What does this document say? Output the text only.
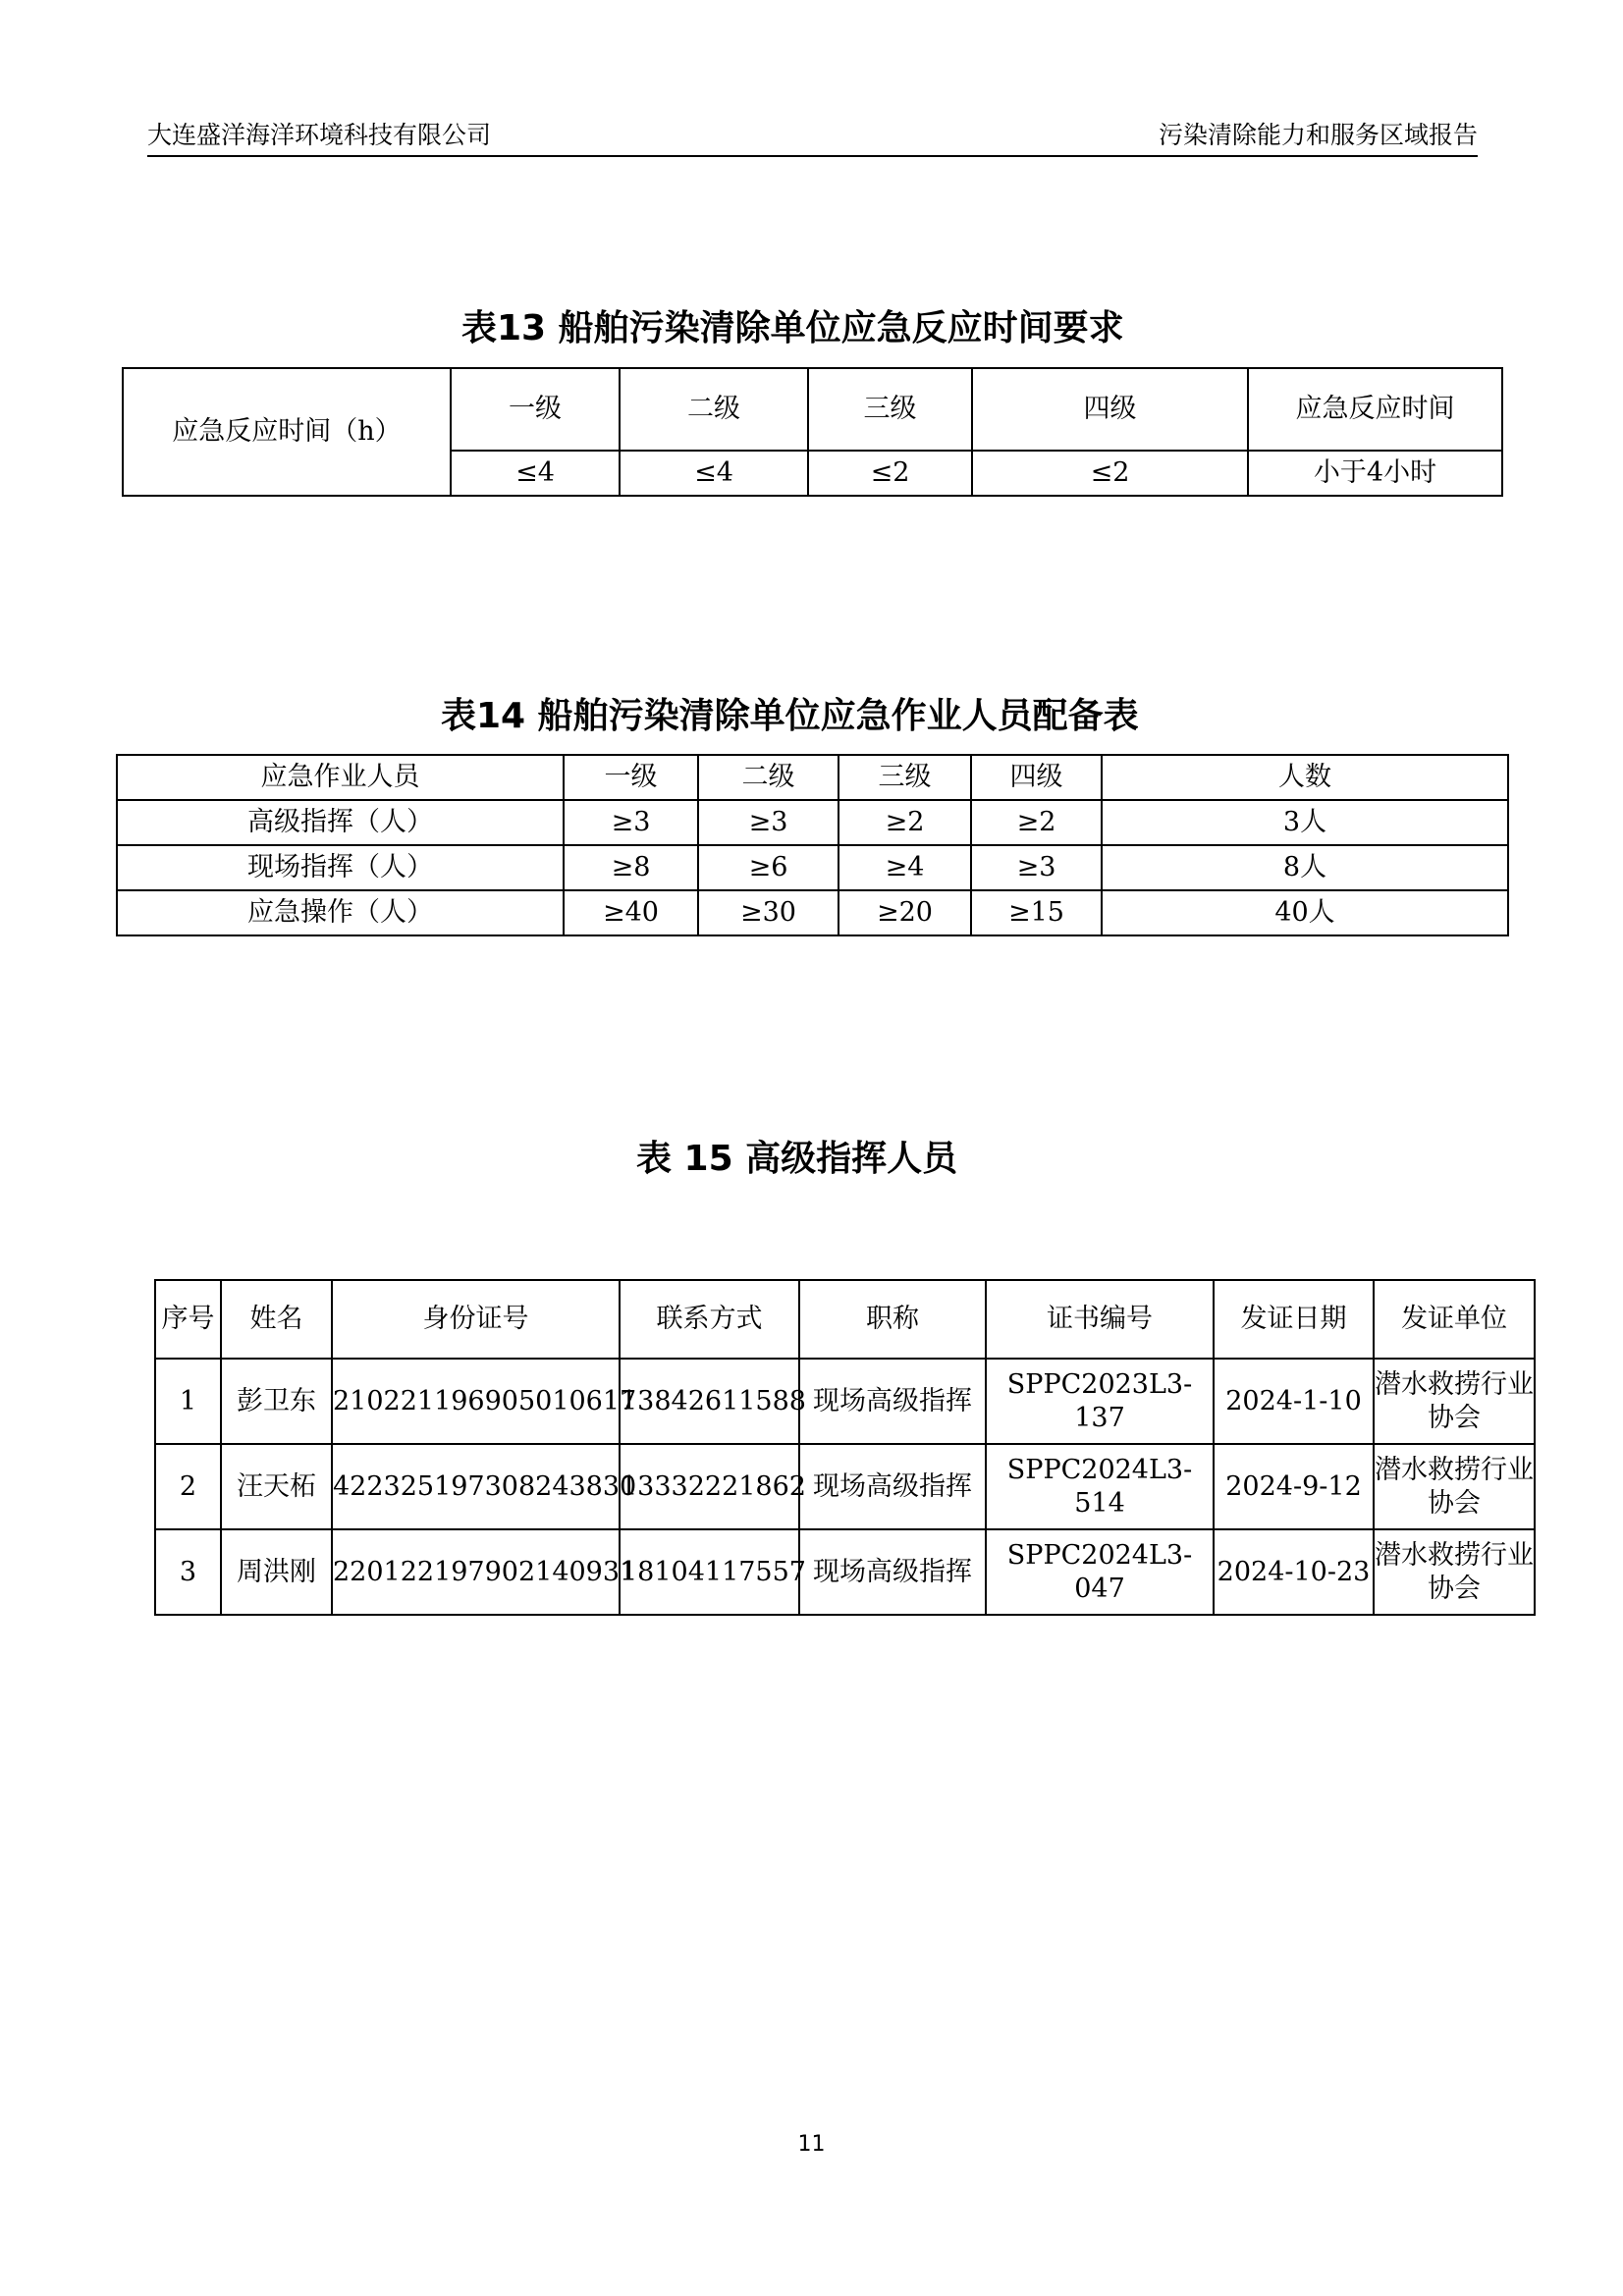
大连盛洋海洋环境科技有限公司	污染清除能力和服务区域报告
表13 船舶污染清除单位应急反应时间要求
应急反应时间（h）	一级	二级	三级	四级	应急反应时间
	≤4	≤4	≤2	≤2	小于4小时
表14 船舶污染清除单位应急作业人员配备表
应急作业人员	一级	二级	三级	四级	人数
高级指挥（人）	≥3	≥3	≥2	≥2	3人
现场指挥（人）	≥8	≥6	≥4	≥3	8人
应急操作（人）	≥40	≥30	≥20	≥15	40人
表 15 高级指挥人员
序号	姓名	身份证号	联系方式	职称	证书编号	发证日期	发证单位
1	彭卫东	210221196905010617	13842611588	现场高级指挥	SPPC2023L3-137	2024-1-10	潜水救捞行业协会
2	汪天柘	422325197308243830	13332221862	现场高级指挥	SPPC2024L3-514	2024-9-12	潜水救捞行业协会
3	周洪刚	220122197902140931	18104117557	现场高级指挥	SPPC2024L3-047	2024-10-23	潜水救捞行业协会
11
